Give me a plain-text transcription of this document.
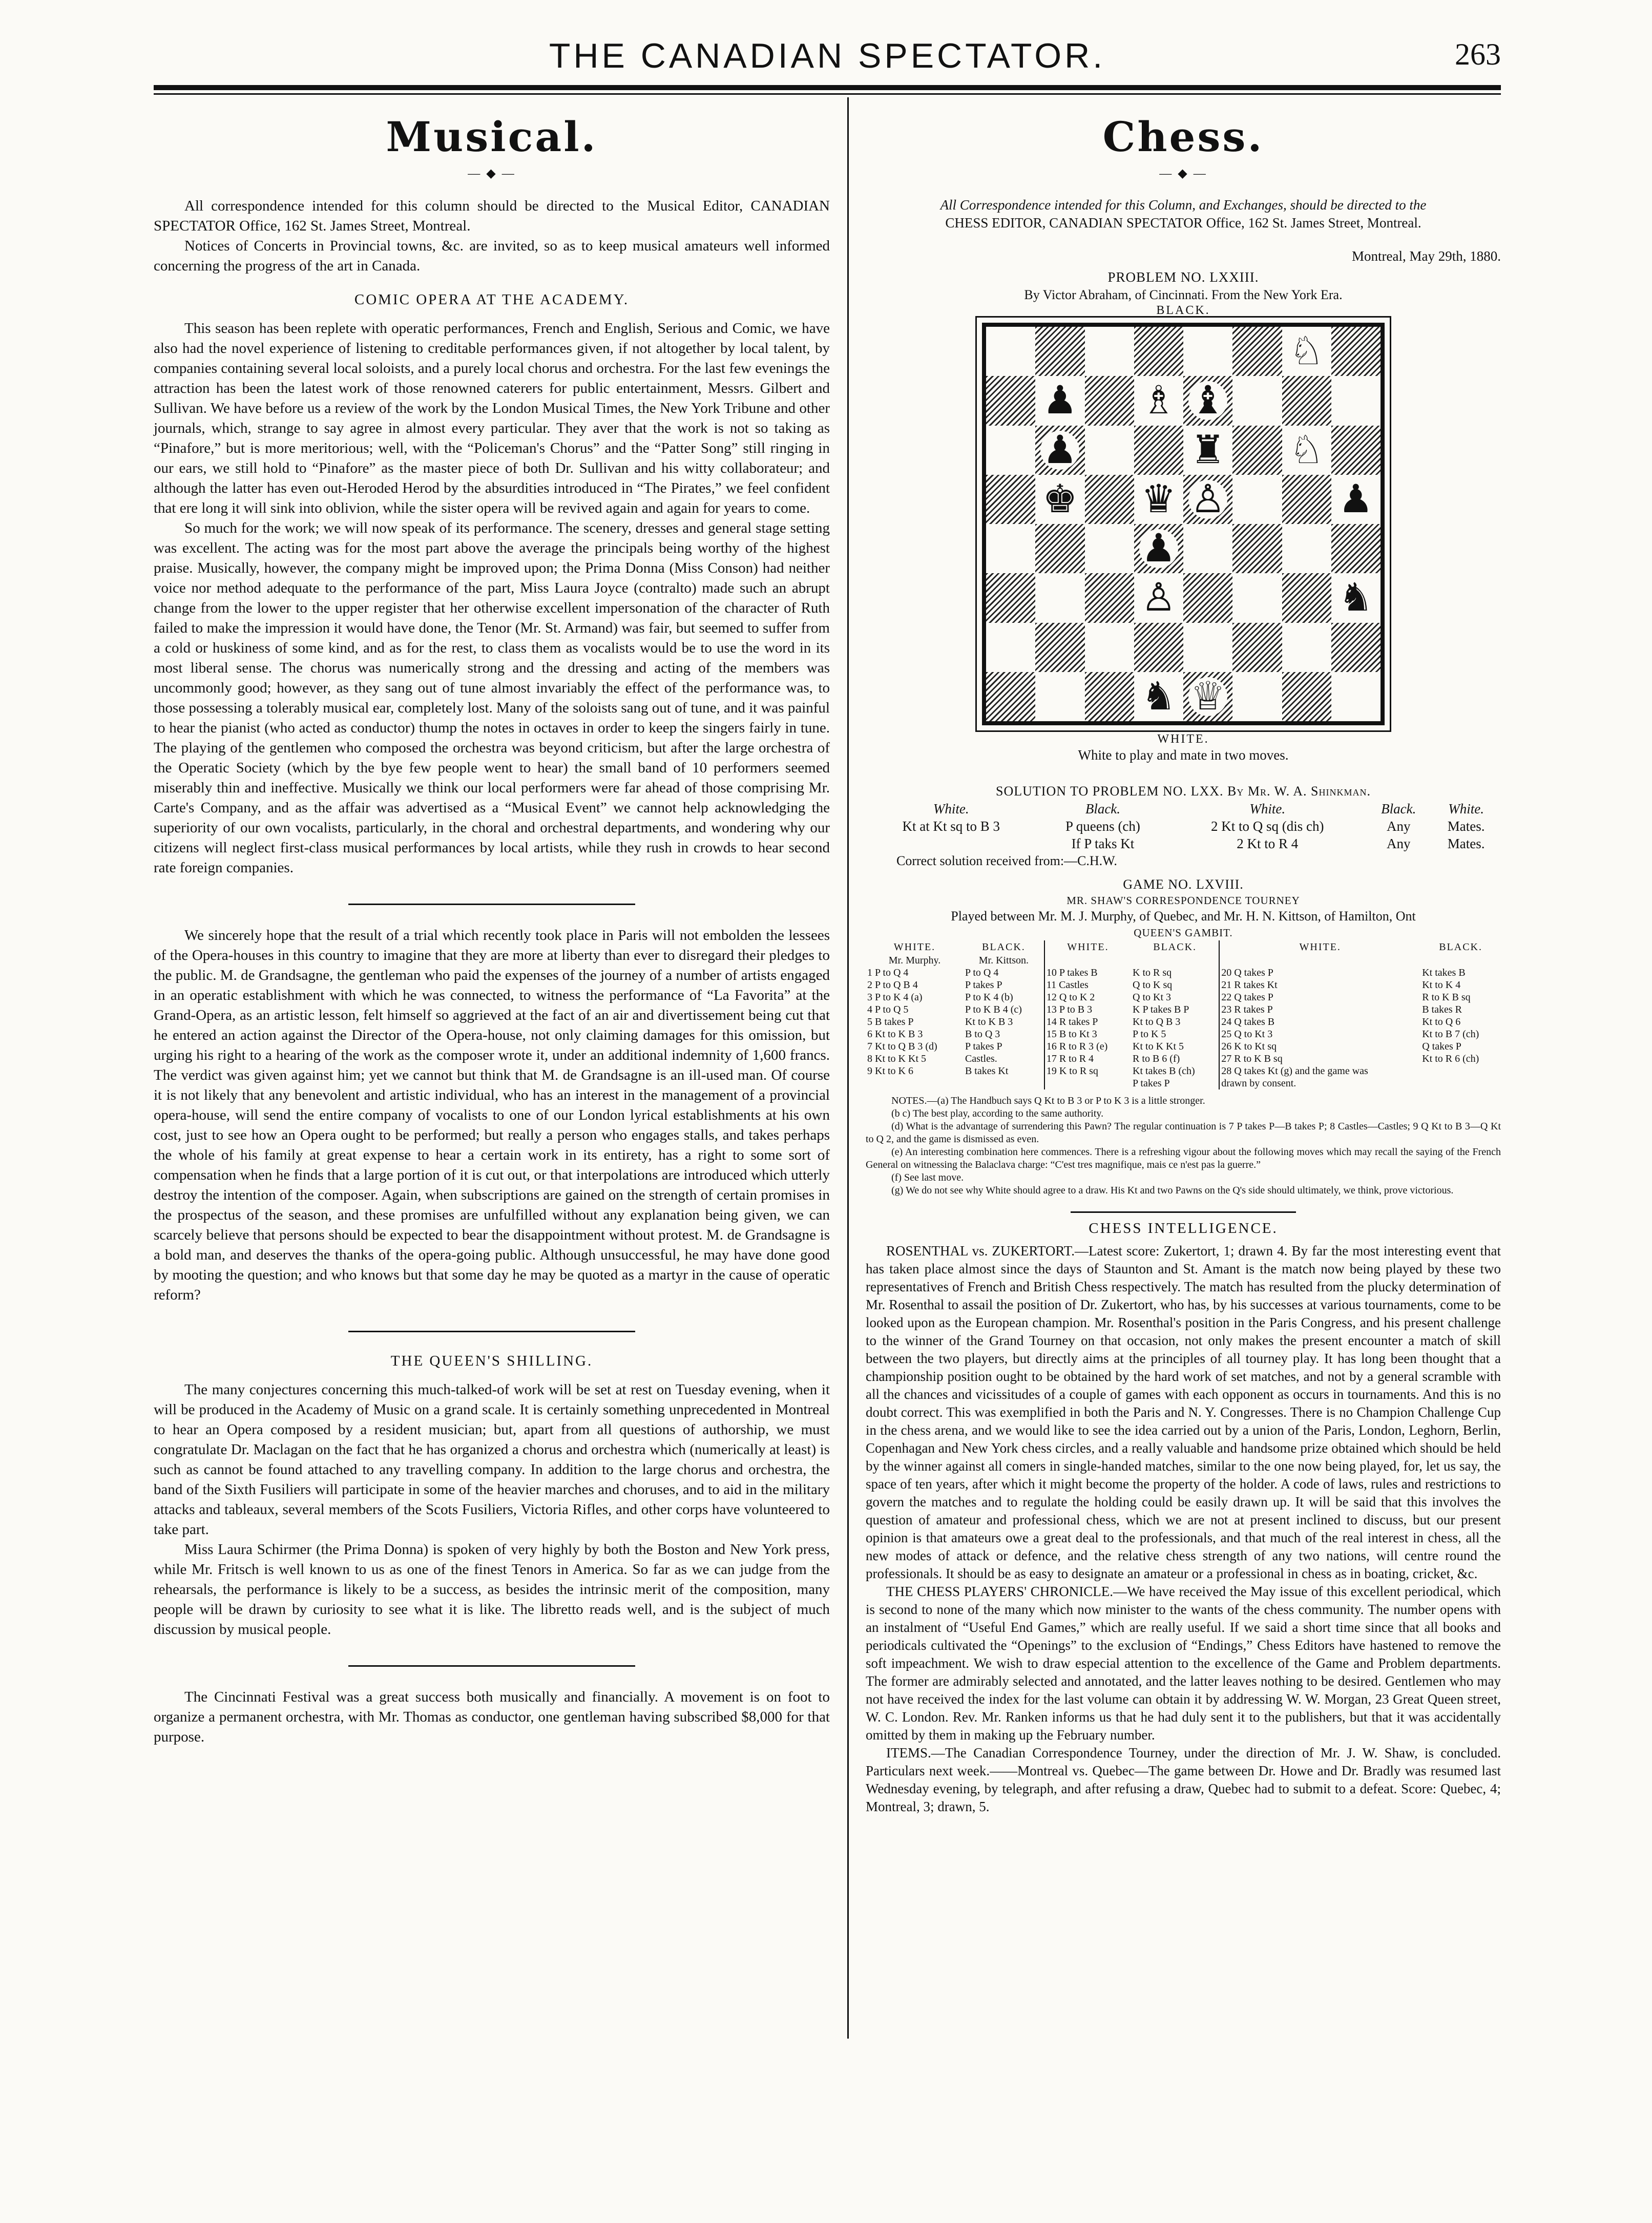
THE CANADIAN SPECTATOR.	263
Musical.
— ◆ —

All correspondence intended for this column should be directed to the Musical Editor, CANADIAN SPECTATOR Office, 162 St. James Street, Montreal.

Notices of Concerts in Provincial towns, &c. are invited, so as to keep musical amateurs well informed concerning the progress of the art in Canada.

COMIC OPERA AT THE ACADEMY.

This season has been replete with operatic performances, French and English, Serious and Comic, we have also had the novel experience of listening to creditable performances given, if not altogether by local talent, by companies containing several local soloists, and a purely local chorus and orchestra. For the last few evenings the attraction has been the latest work of those renowned caterers for public entertainment, Messrs. Gilbert and Sullivan. We have before us a review of the work by the London Musical Times, the New York Tribune and other journals, which, strange to say agree in almost every particular. They aver that the work is not so taking as “Pinafore,” but is more meritorious; well, with the “Policeman's Chorus” and the “Patter Song” still ringing in our ears, we still hold to “Pinafore” as the master piece of both Dr. Sullivan and his witty collaborateur; and although the latter has even out-Heroded Herod by the absurdities introduced in “The Pirates,” we feel confident that ere long it will sink into oblivion, while the sister opera will be revived again and again for years to come.

So much for the work; we will now speak of its performance. The scenery, dresses and general stage setting was excellent. The acting was for the most part above the average the principals being worthy of the highest praise. Musically, however, the company might be improved upon; the Prima Donna (Miss Conson) had neither voice nor method adequate to the performance of the part, Miss Laura Joyce (contralto) made such an abrupt change from the lower to the upper register that her otherwise excellent impersonation of the character of Ruth failed to make the impression it would have done, the Tenor (Mr. St. Armand) was fair, but seemed to suffer from a cold or huskiness of some kind, and as for the rest, to class them as vocalists would be to use the word in its most liberal sense. The chorus was numerically strong and the dressing and acting of the members was uncommonly good; however, as they sang out of tune almost invariably the effect of the performance was, to those possessing a tolerably musical ear, completely lost. Many of the soloists sang out of tune, and it was painful to hear the pianist (who acted as conductor) thump the notes in octaves in order to keep the singers fairly in tune. The playing of the gentlemen who composed the orchestra was beyond criticism, but after the large orchestra of the Operatic Society (which by the bye few people went to hear) the small band of 10 performers seemed miserably thin and ineffective. Musically we think our local performers were far ahead of those comprising Mr. Carte's Company, and as the affair was advertised as a “Musical Event” we cannot help acknowledging the superiority of our own vocalists, particularly, in the choral and orchestral departments, and wondering why our citizens will neglect first-class musical performances by local artists, while they rush in crowds to hear second rate foreign companies.

We sincerely hope that the result of a trial which recently took place in Paris will not embolden the lessees of the Opera-houses in this country to imagine that they are more at liberty than ever to disregard their pledges to the public. M. de Grandsagne, the gentleman who paid the expenses of the journey of a number of artists engaged in an operatic establishment with which he was connected, to witness the performance of “La Favorita” at the Grand-Opera, as an artistic lesson, felt himself so aggrieved at the fact of an air and divertissement being cut that he entered an action against the Director of the Opera-house, not only claiming damages for this omission, but urging his right to a hearing of the work as the composer wrote it, under an additional indemnity of 1,600 francs. The verdict was given against him; yet we cannot but think that M. de Grandsagne is an ill-used man. Of course it is not likely that any benevolent and artistic individual, who has an interest in the management of a provincial opera-house, will send the entire company of vocalists to one of our London lyrical establishments at his own cost, just to see how an Opera ought to be performed; but really a person who engages stalls, and takes perhaps the whole of his family at great expense to hear a certain work in its entirety, has a right to some sort of compensation when he finds that a large portion of it is cut out, or that interpolations are introduced which utterly destroy the intention of the composer. Again, when subscriptions are gained on the strength of certain promises in the prospectus of the season, and these promises are unfulfilled without any explanation being given, we can scarcely believe that persons should be expected to bear the disappointment without protest. M. de Grandsagne is a bold man, and deserves the thanks of the opera-going public. Although unsuccessful, he may have done good by mooting the question; and who knows but that some day he may be quoted as a martyr in the cause of operatic reform?

THE QUEEN'S SHILLING.

The many conjectures concerning this much-talked-of work will be set at rest on Tuesday evening, when it will be produced in the Academy of Music on a grand scale. It is certainly something unprecedented in Montreal to hear an Opera composed by a resident musician; but, apart from all questions of authorship, we must congratulate Dr. Maclagan on the fact that he has organized a chorus and orchestra which (numerically at least) is such as cannot be found attached to any travelling company. In addition to the large chorus and orchestra, the band of the Sixth Fusiliers will participate in some of the heavier marches and choruses, and to aid in the military attacks and tableaux, several members of the Scots Fusiliers, Victoria Rifles, and other corps have volunteered to take part.

Miss Laura Schirmer (the Prima Donna) is spoken of very highly by both the Boston and New York press, while Mr. Fritsch is well known to us as one of the finest Tenors in America. So far as we can judge from the rehearsals, the performance is likely to be a success, as besides the intrinsic merit of the composition, many people will be drawn by curiosity to see what it is like. The libretto reads well, and is the subject of much discussion by musical people.

The Cincinnati Festival was a great success both musically and financially. A movement is on foot to organize a permanent orchestra, with Mr. Thomas as conductor, one gentleman having subscribed $8,000 for that purpose.

Chess.
— ◆ —

All Correspondence intended for this Column, and Exchanges, should be directed to the

CHESS EDITOR, CANADIAN SPECTATOR Office, 162 St. James Street, Montreal.

Montreal, May 29th, 1880.

PROBLEM NO. LXXIII.

By Victor Abraham, of Cincinnati. From the New York Era.

BLACK.
♘
♟ ♗ ♝
♟	♜ ♘
♚ ♛ ♙	♟
♟
♙	♞
♞ ♕
WHITE.

White to play and mate in two moves.

SOLUTION TO PROBLEM NO. LXX. By Mr. W. A. Shinkman.

White.	Black.	White.	Black.	White.
Kt at Kt sq to B 3	P queens (ch)	2 Kt to Q sq (dis ch)	Any	Mates.
	If P taks Kt	2 Kt to R 4	Any	Mates.

Correct solution received from:—C.H.W.

GAME NO. LXVIII.

MR. SHAW'S CORRESPONDENCE TOURNEY

Played between Mr. M. J. Murphy, of Quebec, and Mr. H. N. Kittson, of Hamilton, Ont

QUEEN'S GAMBIT.

WHITE.	BLACK.	WHITE.	BLACK.	WHITE.	BLACK.
Mr. Murphy.	Mr. Kittson.				
1 P to Q 4	P to Q 4	10 P takes B	K to R sq	20 Q takes P	Kt takes B
2 P to Q B 4	P takes P	11 Castles	Q to K sq	21 R takes Kt	Kt to K 4
3 P to K 4 (a)	P to K 4 (b)	12 Q to K 2	Q to Kt 3	22 Q takes P	R to K B sq
4 P to Q 5	P to K B 4 (c)	13 P to B 3	K P takes B P	23 R takes P	B takes R
5 B takes P	Kt to K B 3	14 R takes P	Kt to Q B 3	24 Q takes B	Kt to Q 6
6 Kt to K B 3	B to Q 3	15 B to Kt 3	P to K 5	25 Q to Kt 3	Kt to B 7 (ch)
7 Kt to Q B 3 (d)	P takes P	16 R to R 3 (e)	Kt to K Kt 5	26 K to Kt sq	Q takes P
8 Kt to K Kt 5	Castles.	17 R to R 4	R to B 6 (f)	27 R to K B sq	Kt to R 6 (ch)
9 Kt to K 6	B takes Kt	19 K to R sq	Kt takes B (ch)	28 Q takes Kt (g) and the game was	
			P takes P	drawn by consent.	

NOTES.—(a) The Handbuch says Q Kt to B 3 or P to K 3 is a little stronger.

(b c) The best play, according to the same authority.

(d) What is the advantage of surrendering this Pawn? The regular continuation is 7 P takes P—B takes P; 8 Castles—Castles; 9 Q Kt to B 3—Q Kt to Q 2, and the game is dismissed as even.

(e) An interesting combination here commences. There is a refreshing vigour about the following moves which may recall the saying of the French General on witnessing the Balaclava charge: “C'est tres magnifique, mais ce n'est pas la guerre.”

(f) See last move.

(g) We do not see why White should agree to a draw. His Kt and two Pawns on the Q's side should ultimately, we think, prove victorious.

CHESS INTELLIGENCE.

ROSENTHAL vs. ZUKERTORT.—Latest score: Zukertort, 1; drawn 4. By far the most interesting event that has taken place almost since the days of Staunton and St. Amant is the match now being played by these two representatives of French and British Chess respectively. The match has resulted from the plucky determination of Mr. Rosenthal to assail the position of Dr. Zukertort, who has, by his successes at various tournaments, come to be looked upon as the European champion. Mr. Rosenthal's position in the Paris Congress, and his present challenge to the winner of the Grand Tourney on that occasion, not only makes the present encounter a match of skill between the two players, but directly aims at the principles of all tourney play. It has long been thought that a championship position ought to be obtained by the hard work of set matches, and not by a general scramble with all the chances and vicissitudes of a couple of games with each opponent as occurs in tournaments. And this is no doubt correct. This was exemplified in both the Paris and N. Y. Congresses. There is no Champion Challenge Cup in the chess arena, and we would like to see the idea carried out by a union of the Paris, London, Leghorn, Berlin, Copenhagan and New York chess circles, and a really valuable and handsome prize obtained which should be held by the winner against all comers in single-handed matches, similar to the one now being played, for, let us say, the space of ten years, after which it might become the property of the holder. A code of laws, rules and restrictions to govern the matches and to regulate the holding could be easily drawn up. It will be said that this involves the question of amateur and professional chess, which we are not at present inclined to discuss, but our present opinion is that amateurs owe a great deal to the professionals, and that much of the real interest in chess, all the new modes of attack or defence, and the relative chess strength of any two nations, will centre round the professionals. It should be as easy to designate an amateur or a professional in chess as in boating, cricket, &c.

THE CHESS PLAYERS' CHRONICLE.—We have received the May issue of this excellent periodical, which is second to none of the many which now minister to the wants of the chess community. The number opens with an instalment of “Useful End Games,” which are really useful. If we said a short time since that all books and periodicals cultivated the “Openings” to the exclusion of “Endings,” Chess Editors have hastened to remove the soft impeachment. We wish to draw especial attention to the excellence of the Game and Problem departments. The former are admirably selected and annotated, and the latter leaves nothing to be desired. Gentlemen who may not have received the index for the last volume can obtain it by addressing W. W. Morgan, 23 Great Queen street, W. C. London. Rev. Mr. Ranken informs us that he had duly sent it to the publishers, but that it was accidentally omitted by them in making up the February number.

ITEMS.—The Canadian Correspondence Tourney, under the direction of Mr. J. W. Shaw, is concluded. Particulars next week.——Montreal vs. Quebec—The game between Dr. Howe and Dr. Bradly was resumed last Wednesday evening, by telegraph, and after refusing a draw, Quebec had to submit to a defeat. Score: Quebec, 4; Montreal, 3; drawn, 5.
